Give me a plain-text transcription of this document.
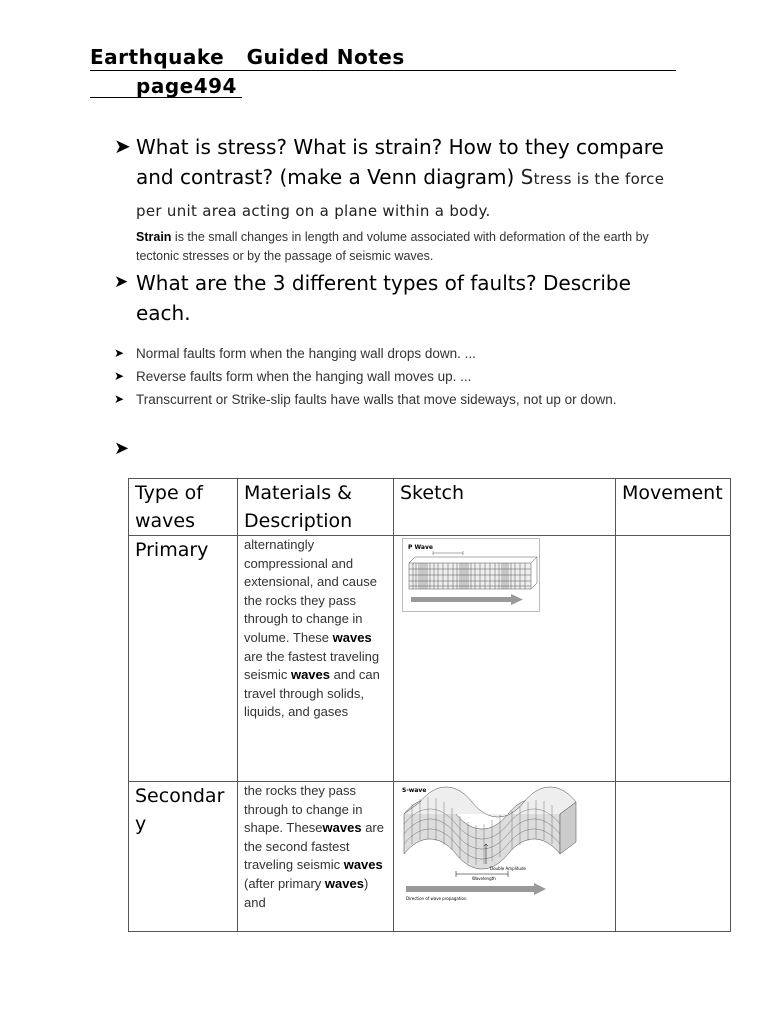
Earthquake   Guided Notes
page494
➤ What is stress? What is strain? How to they compare and contrast? (make a Venn diagram) Stress is the force per unit area acting on a plane within a body.
Strain is the small changes in length and volume associated with deformation of the earth by tectonic stresses or by the passage of seismic waves.
➤ What are the 3 different types of faults? Describe each.
➤ Normal faults form when the hanging wall drops down. ...
➤ Reverse faults form when the hanging wall moves up. ...
➤ Transcurrent or Strike-slip faults have walls that move sideways, not up or down.
➤
Type of waves	Materials & Description	Sketch	Movement
Primary	alternatingly compressional and extensional, and cause the rocks they pass through to change in volume. These waves are the fastest traveling seismic waves and can travel through solids, liquids, and gases	P Wave	

Secondary	the rocks they pass through to change in shape. Thesewaves are the second fastest traveling seismic waves (after primary waves) and	S-wave
Double Amplitude
Wavelength
Direction of wave propagation	
